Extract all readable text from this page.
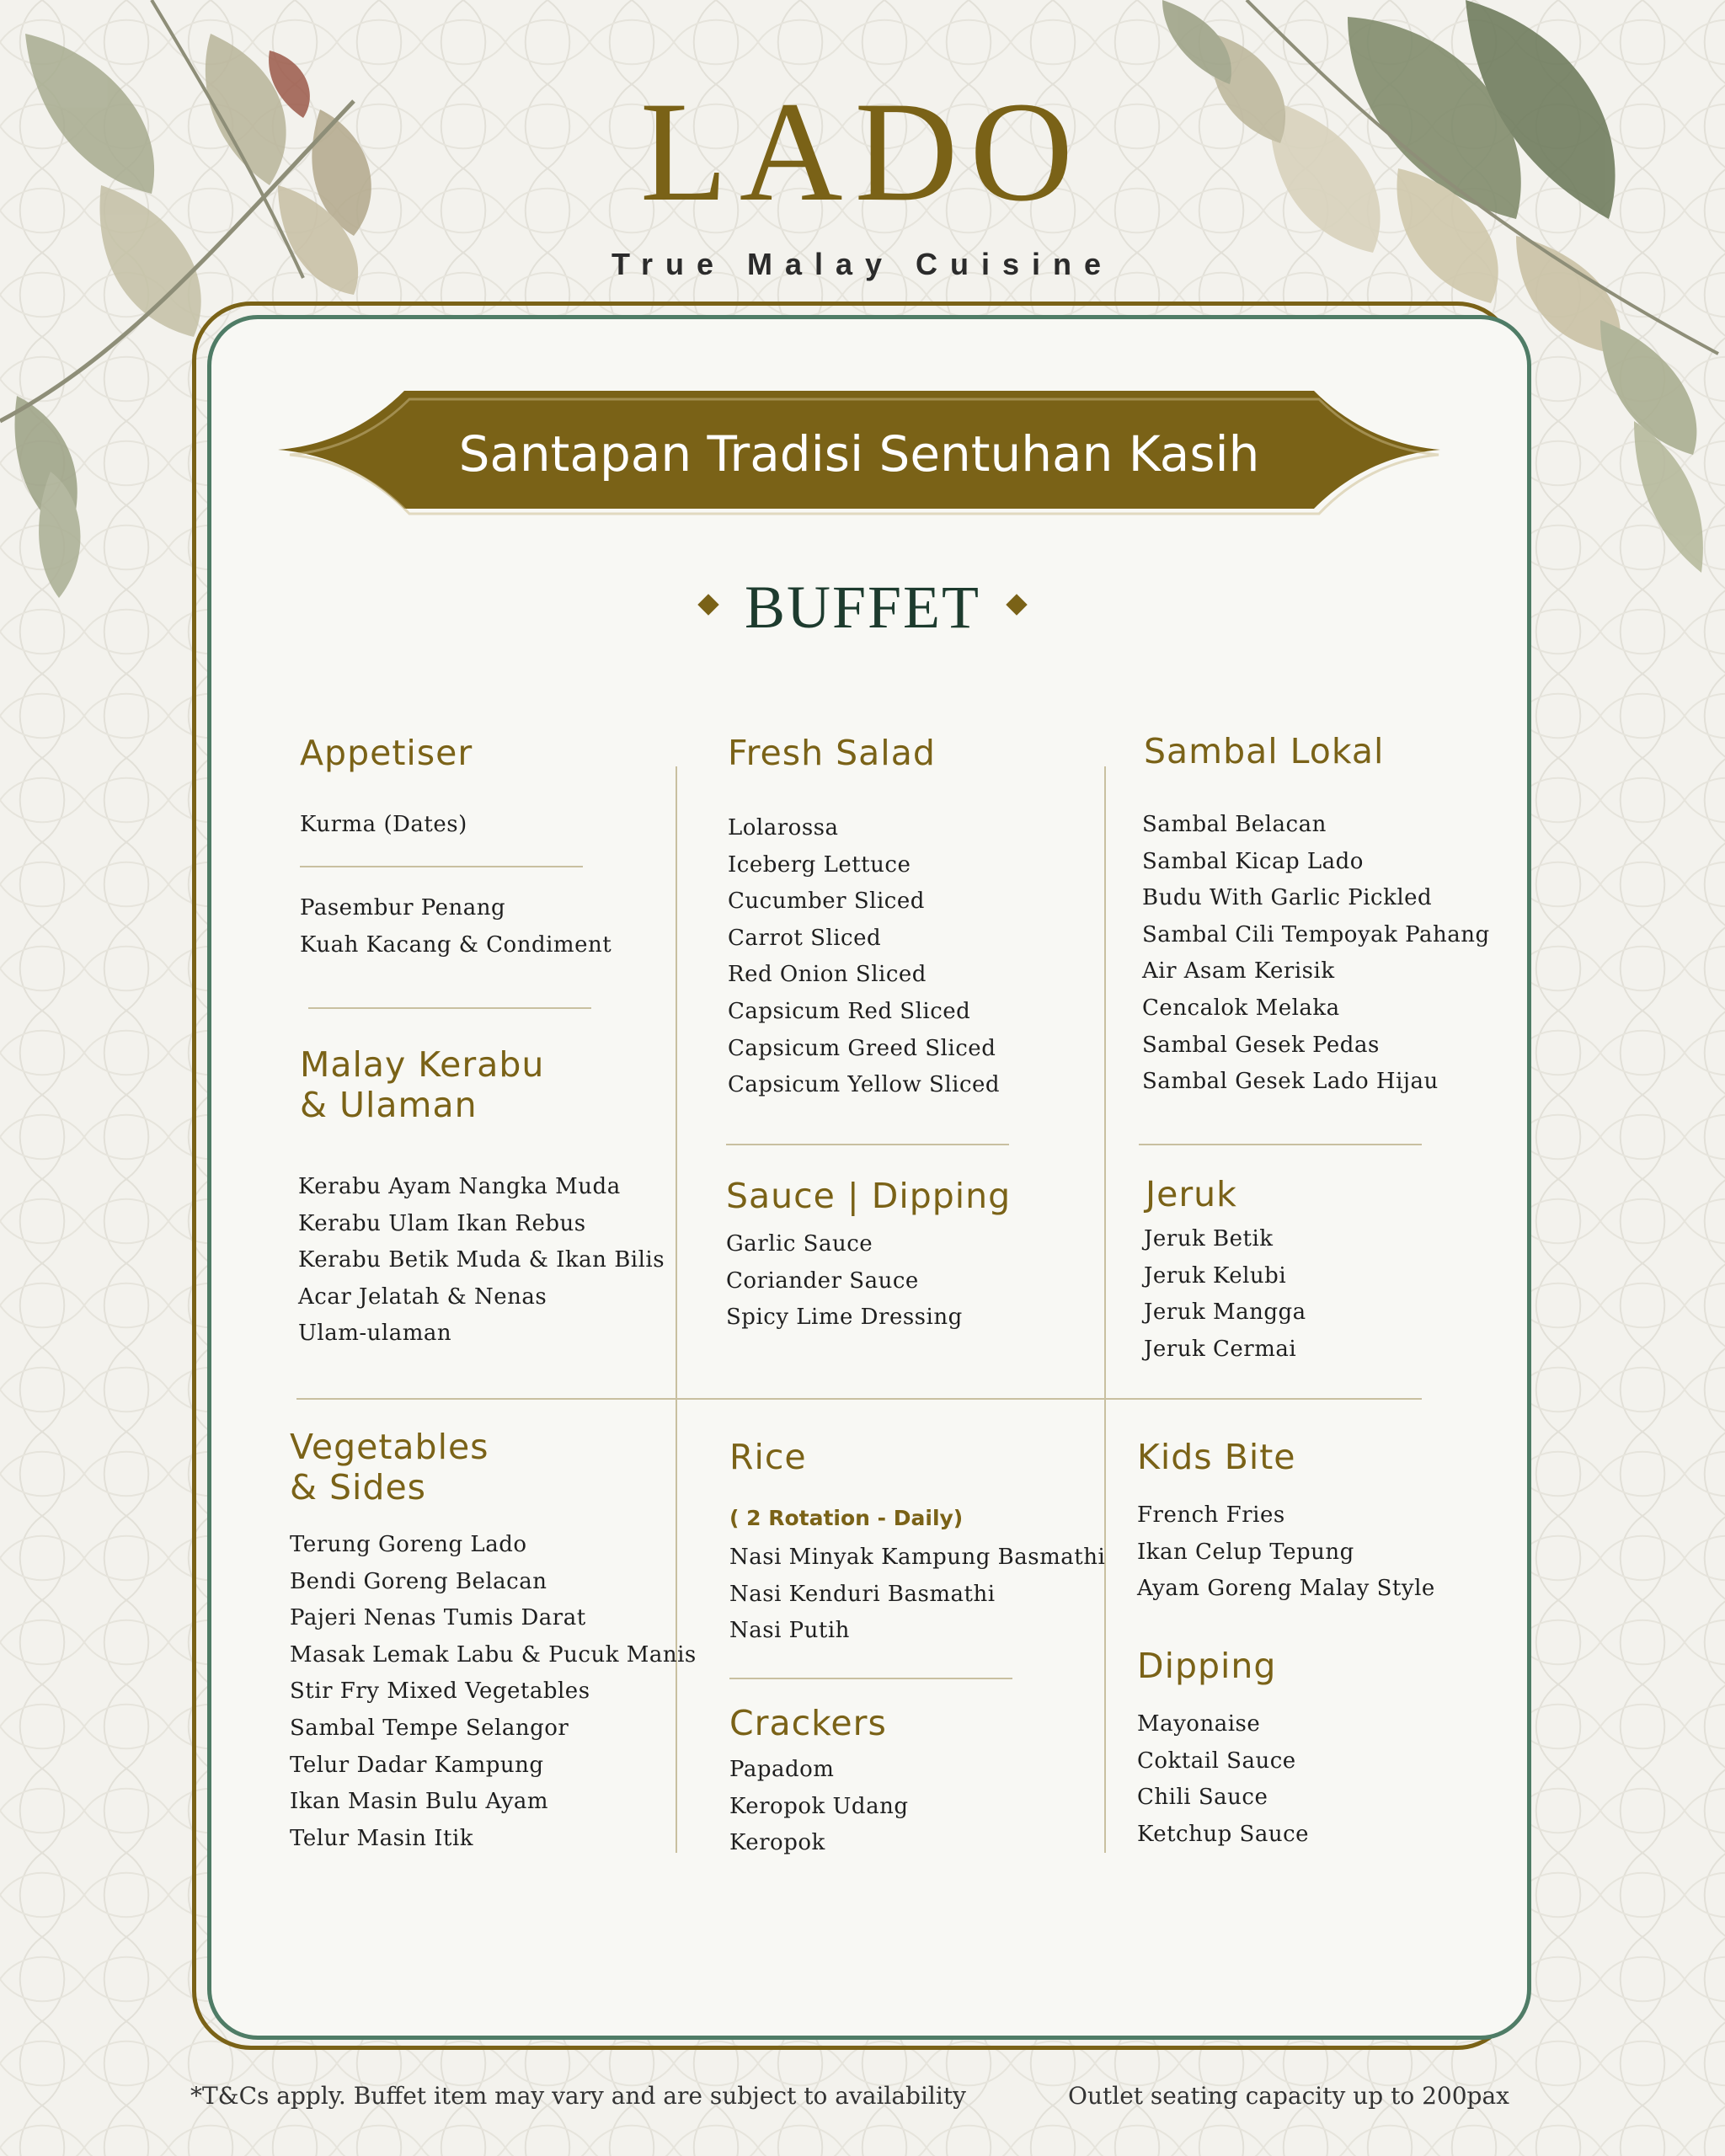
LADO
True Malay Cuisine
Santapan Tradisi Sentuhan Kasih
BUFFET
Appetiser
Kurma (Dates)
Pasembur Penang
Kuah Kacang & Condiment
Malay Kerabu
& Ulaman
Kerabu Ayam Nangka Muda
Kerabu Ulam Ikan Rebus
Kerabu Betik Muda & Ikan Bilis
Acar Jelatah & Nenas
Ulam-ulaman
Fresh Salad
Lolarossa
Iceberg Lettuce
Cucumber Sliced
Carrot Sliced
Red Onion Sliced
Capsicum Red Sliced
Capsicum Greed Sliced
Capsicum Yellow Sliced
Sauce | Dipping
Garlic Sauce
Coriander Sauce
Spicy Lime Dressing
Sambal Lokal
Sambal Belacan
Sambal Kicap Lado
Budu With Garlic Pickled
Sambal Cili Tempoyak Pahang
Air Asam Kerisik
Cencalok Melaka
Sambal Gesek Pedas
Sambal Gesek Lado Hijau
Jeruk
Jeruk Betik
Jeruk Kelubi
Jeruk Mangga
Jeruk Cermai
Vegetables
& Sides
Terung Goreng Lado
Bendi Goreng Belacan
Pajeri Nenas Tumis Darat
Masak Lemak Labu & Pucuk Manis
Stir Fry Mixed Vegetables
Sambal Tempe Selangor
Telur Dadar Kampung
Ikan Masin Bulu Ayam
Telur Masin Itik
Rice
( 2 Rotation - Daily)
Nasi Minyak Kampung Basmathi
Nasi Kenduri Basmathi
Nasi Putih
Crackers
Papadom
Keropok Udang
Keropok
Kids Bite
French Fries
Ikan Celup Tepung
Ayam Goreng Malay Style
Dipping
Mayonaise
Coktail Sauce
Chili Sauce
Ketchup Sauce
*T&Cs apply. Buffet item may vary and are subject to availability	Outlet seating capacity up to 200pax
